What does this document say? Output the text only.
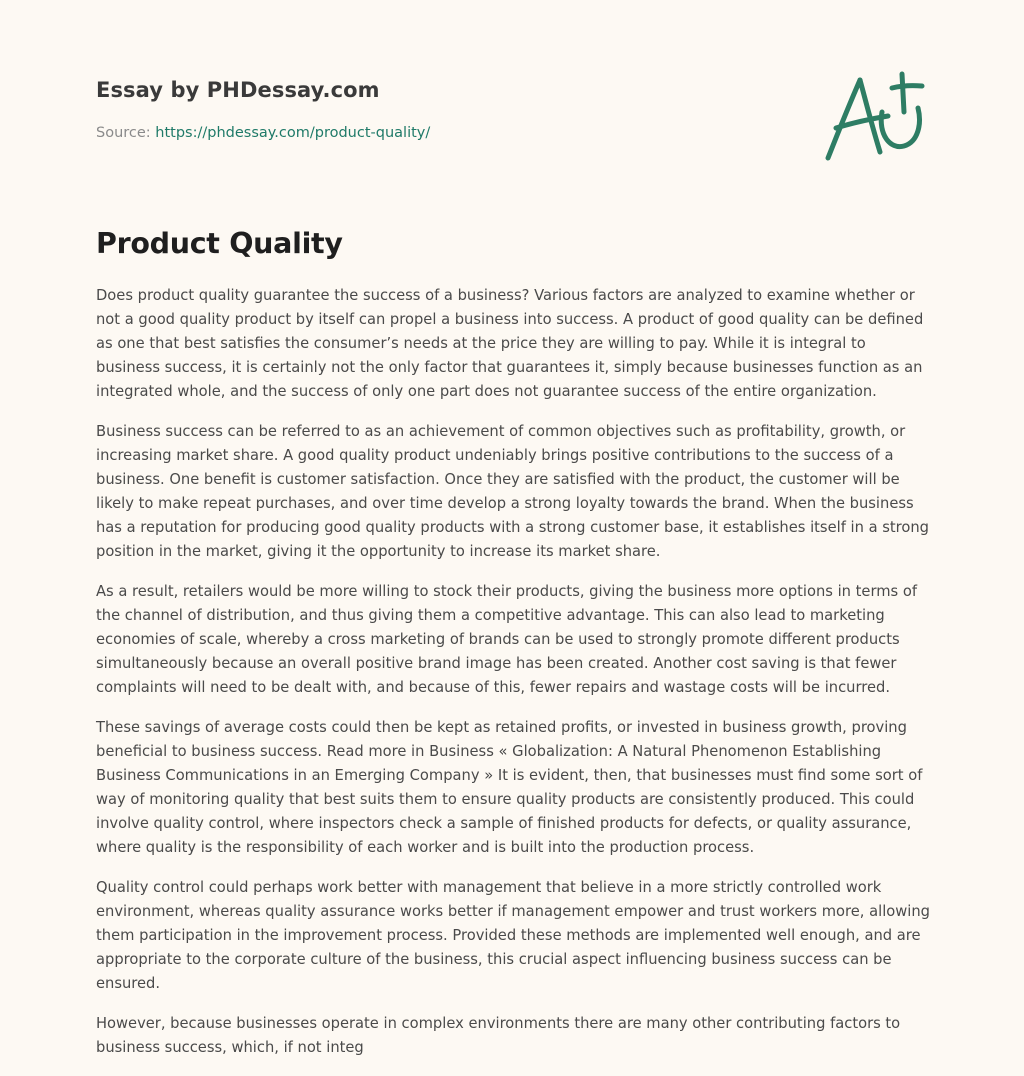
Essay by PHDessay.com
Source: https://phdessay.com/product-quality/
Product Quality

Does product quality guarantee the success of a business? Various factors are analyzed to examine whether or not a good quality product by itself can propel a business into success. A product of good quality can be defined as one that best satisfies the consumer’s needs at the price they are willing to pay. While it is integral to business success, it is certainly not the only factor that guarantees it, simply because businesses function as an integrated whole, and the success of only one part does not guarantee success of the entire organization.

Business success can be referred to as an achievement of common objectives such as profitability, growth, or increasing market share. A good quality product undeniably brings positive contributions to the success of a business. One benefit is customer satisfaction. Once they are satisfied with the product, the customer will be likely to make repeat purchases, and over time develop a strong loyalty towards the brand. When the business has a reputation for producing good quality products with a strong customer base, it establishes itself in a strong position in the market, giving it the opportunity to increase its market share.

As a result, retailers would be more willing to stock their products, giving the business more options in terms of the channel of distribution, and thus giving them a competitive advantage. This can also lead to marketing economies of scale, whereby a cross marketing of brands can be used to strongly promote different products simultaneously because an overall positive brand image has been created. Another cost saving is that fewer complaints will need to be dealt with, and because of this, fewer repairs and wastage costs will be incurred.

These savings of average costs could then be kept as retained profits, or invested in business growth, proving beneficial to business success. Read more in Business « Globalization: A Natural Phenomenon Establishing Business Communications in an Emerging Company » It is evident, then, that businesses must find some sort of way of monitoring quality that best suits them to ensure quality products are consistently produced. This could involve quality control, where inspectors check a sample of finished products for defects, or quality assurance, where quality is the responsibility of each worker and is built into the production process.

Quality control could perhaps work better with management that believe in a more strictly controlled work environment, whereas quality assurance works better if management empower and trust workers more, allowing them participation in the improvement process. Provided these methods are implemented well enough, and are appropriate to the corporate culture of the business, this crucial aspect influencing business success can be ensured.

However, because businesses operate in complex environments there are many other contributing factors to business success, which, if not integ
